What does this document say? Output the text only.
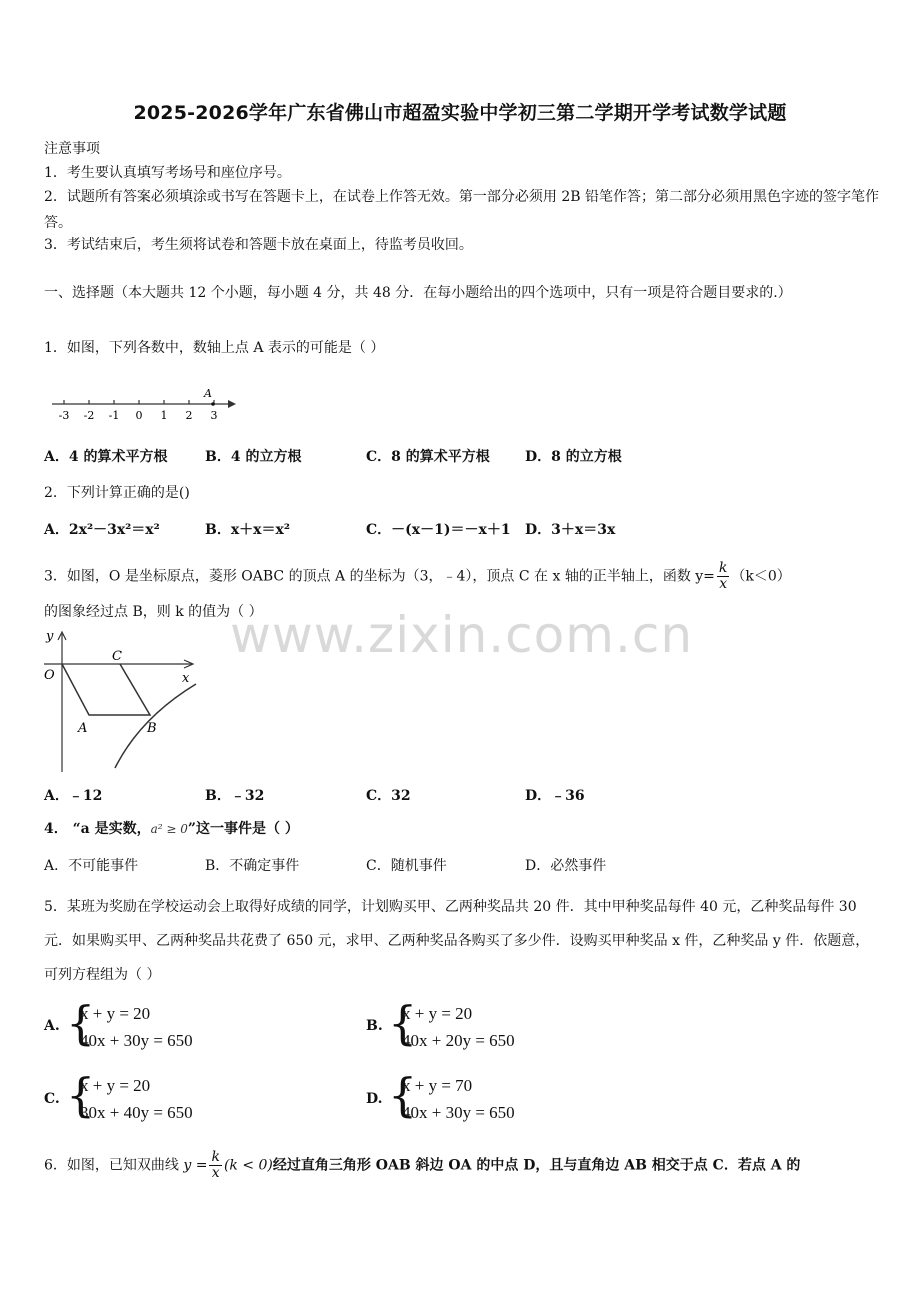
2025-2026学年广东省佛山市超盈实验中学初三第二学期开学考试数学试题
注意事项
1．考生要认真填写考场号和座位序号。
2．试题所有答案必须填涂或书写在答题卡上，在试卷上作答无效。第一部分必须用 2B 铅笔作答；第二部分必须用黑色字迹的签字笔作答。
3．考试结束后，考生须将试卷和答题卡放在桌面上，待监考员收回。
一、选择题（本大题共 12 个小题，每小题 4 分，共 48 分．在每小题给出的四个选项中，只有一项是符合题目要求的.）
1．如图，下列各数中，数轴上点 A 表示的可能是（ ）
-3 -2 -1 0 1 2 3
A
A．4 的算术平方根	B．4 的立方根	C．8 的算术平方根	D．8 的立方根
2．下列计算正确的是()
A．2x²－3x²＝x²	B．x＋x＝x²	C．－(x－1)＝－x＋1 D．3＋x＝3x
3．如图，O 是坐标原点，菱形 OABC 的顶点 A 的坐标为（3，﹣4），顶点 C 在 x 轴的正半轴上，函数 $y= \frac{k}{x} (k<0)$
的图象经过点 B，则 k 的值为（ ）
y
x
O
C
A	B
A．﹣12	B．﹣32	C．32	D．﹣36
www.zixin.com.cn
4． “a 是实数，a² ≥ 0”这一事件是（ ）
A．不可能事件	B．不确定事件	C．随机事件	D．必然事件
5．某班为奖励在学校运动会上取得好成绩的同学，计划购买甲、乙两种奖品共 20 件．其中甲种奖品每件 40 元，乙种奖品每件 30 元．如果购买甲、乙两种奖品共花费了 650 元，求甲、乙两种奖品各购买了多少件．设购买甲种奖品 x 件，乙种奖品 y 件．依题意，可列方程组为（ ）
A. {
x + y = 20
40x + 30y = 650
B. {
x + y = 20
40x + 20y = 650
C. {
x + y = 20
30x + 40y = 650
D. {
x + y = 70
40x + 30y = 650
6．如图，已知双曲线 $y = \frac{k}{x} (k < 0)$经过直角三角形 OAB 斜边 OA 的中点 D，且与直角边 AB 相交于点 C．若点 A 的
